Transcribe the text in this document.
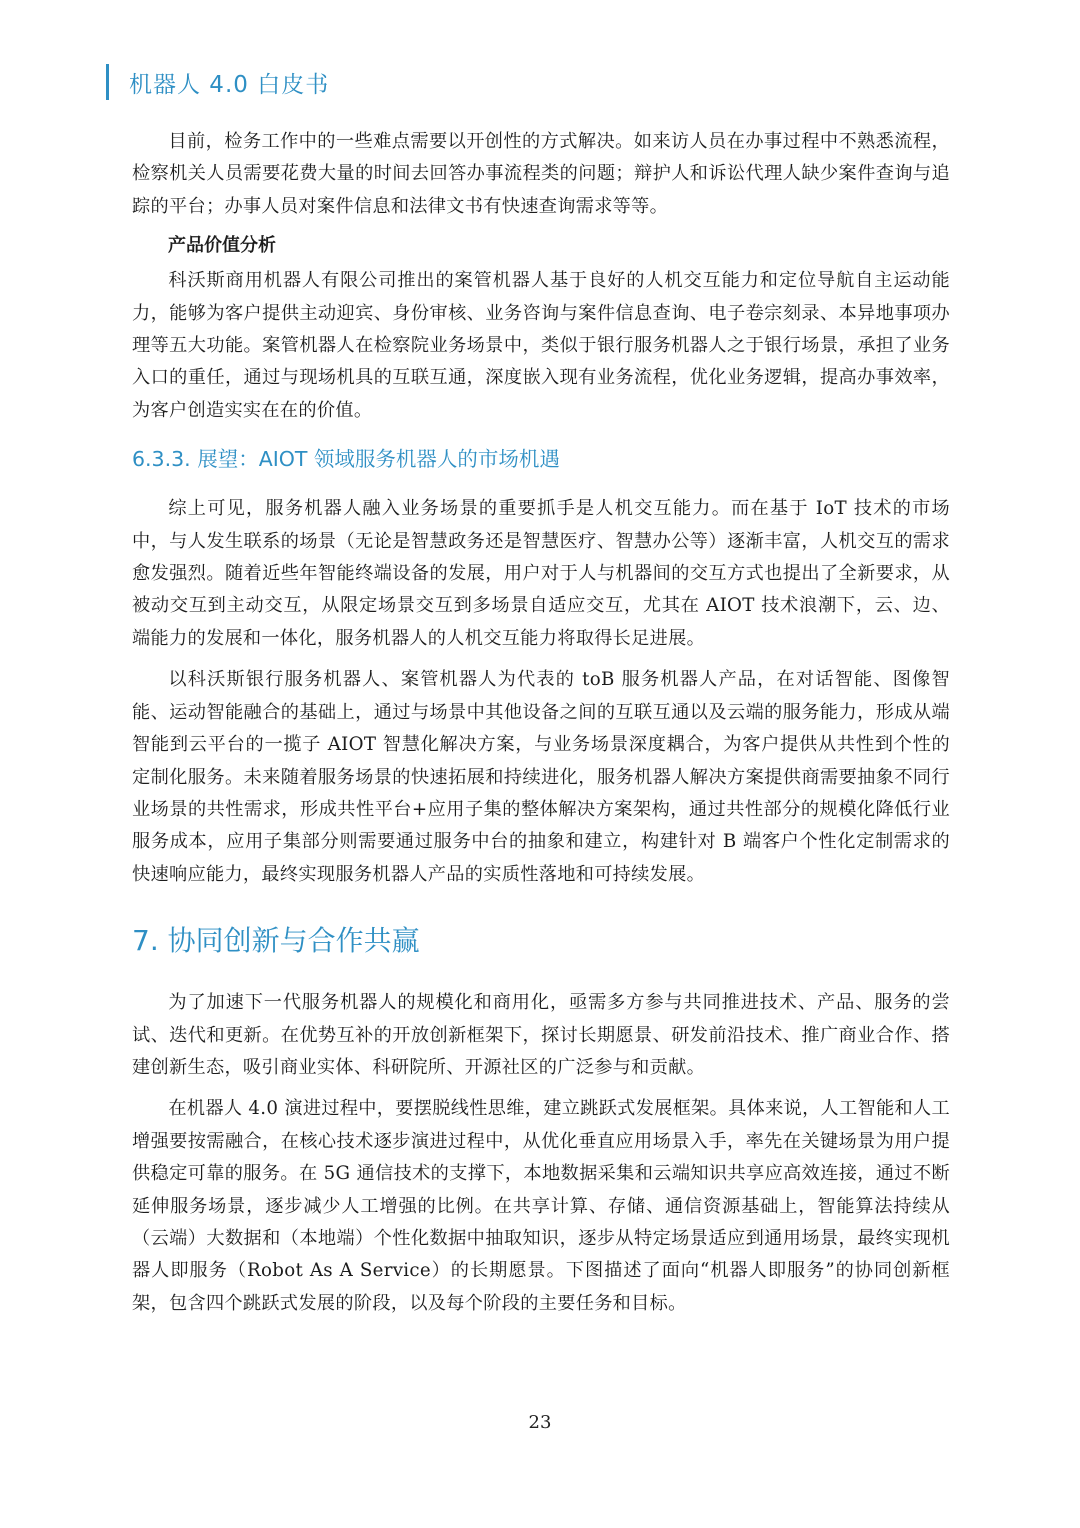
机器人 4.0 白皮书

目前，检务工作中的一些难点需要以开创性的方式解决。如来访人员在办事过程中不熟悉流程，检察机关人员需要花费大量的时间去回答办事流程类的问题；辩护人和诉讼代理人缺少案件查询与追踪的平台；办事人员对案件信息和法律文书有快速查询需求等等。

产品价值分析

科沃斯商用机器人有限公司推出的案管机器人基于良好的人机交互能力和定位导航自主运动能力，能够为客户提供主动迎宾、身份审核、业务咨询与案件信息查询、电子卷宗刻录、本异地事项办理等五大功能。案管机器人在检察院业务场景中，类似于银行服务机器人之于银行场景，承担了业务入口的重任，通过与现场机具的互联互通，深度嵌入现有业务流程，优化业务逻辑，提高办事效率，为客户创造实实在在的价值。

6.3.3. 展望：AIOT 领域服务机器人的市场机遇

综上可见，服务机器人融入业务场景的重要抓手是人机交互能力。而在基于 IoT 技术的市场中，与人发生联系的场景（无论是智慧政务还是智慧医疗、智慧办公等）逐渐丰富，人机交互的需求愈发强烈。随着近些年智能终端设备的发展，用户对于人与机器间的交互方式也提出了全新要求，从被动交互到主动交互，从限定场景交互到多场景自适应交互，尤其在 AIOT 技术浪潮下，云、边、端能力的发展和一体化，服务机器人的人机交互能力将取得长足进展。

以科沃斯银行服务机器人、案管机器人为代表的 toB 服务机器人产品，在对话智能、图像智能、运动智能融合的基础上，通过与场景中其他设备之间的互联互通以及云端的服务能力，形成从端智能到云平台的一揽子 AIOT 智慧化解决方案，与业务场景深度耦合，为客户提供从共性到个性的定制化服务。未来随着服务场景的快速拓展和持续进化，服务机器人解决方案提供商需要抽象不同行业场景的共性需求，形成共性平台+应用子集的整体解决方案架构，通过共性部分的规模化降低行业服务成本，应用子集部分则需要通过服务中台的抽象和建立，构建针对 B 端客户个性化定制需求的快速响应能力，最终实现服务机器人产品的实质性落地和可持续发展。

7. 协同创新与合作共赢

为了加速下一代服务机器人的规模化和商用化，亟需多方参与共同推进技术、产品、服务的尝试、迭代和更新。在优势互补的开放创新框架下，探讨长期愿景、研发前沿技术、推广商业合作、搭建创新生态，吸引商业实体、科研院所、开源社区的广泛参与和贡献。

在机器人 4.0 演进过程中，要摆脱线性思维，建立跳跃式发展框架。具体来说，人工智能和人工增强要按需融合，在核心技术逐步演进过程中，从优化垂直应用场景入手，率先在关键场景为用户提供稳定可靠的服务。在 5G 通信技术的支撑下，本地数据采集和云端知识共享应高效连接，通过不断延伸服务场景，逐步减少人工增强的比例。在共享计算、存储、通信资源基础上，智能算法持续从（云端）大数据和（本地端）个性化数据中抽取知识，逐步从特定场景适应到通用场景，最终实现机器人即服务（Robot As A Service）的长期愿景。下图描述了面向“机器人即服务”的协同创新框架，包含四个跳跃式发展的阶段，以及每个阶段的主要任务和目标。

23
